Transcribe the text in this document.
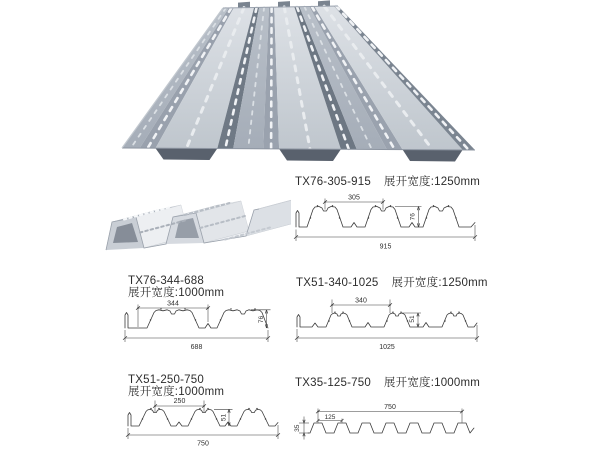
TX76-305-915 展开宽度:1250mm
305
915
76
TX76-344-688
展开宽度:1000mm
344
688
76
TX51-340-1025 展开宽度:1250mm
340
1025
51
TX51-250-750
展开宽度:1000mm
250
750
51
TX35-125-750 展开宽度:1000mm
750
125
35
